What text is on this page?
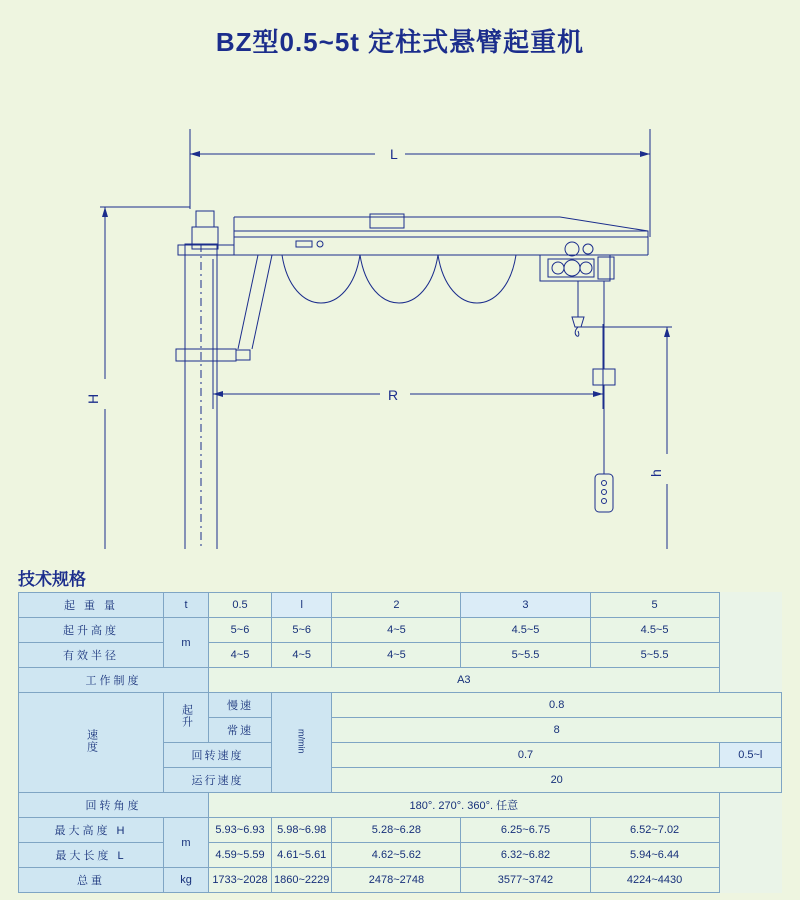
BZ型0.5~5t 定柱式悬臂起重机
L
R
H
h
技术规格
起 重 量	t	0.5	l	2	3	5	
起升高度	m	5~6	5~6	4~5	4.5~5	4.5~5	
有效半径		4~5	4~5	4~5	5~5.5	5~5.5	
工作制度		A3					
速度	起升	慢速	m/min	0.8			
		常速		8			
	回转速度			0.7			0.5~l
	运行速度			20			
回转角度		180°. 270°. 360°. 任意					
最大高度 H	m	5.93~6.93	5.98~6.98	5.28~6.28	6.25~6.75	6.52~7.02	
最大长度 L		4.59~5.59	4.61~5.61	4.62~5.62	6.32~6.82	5.94~6.44	
总重	kg	1733~2028	1860~2229	2478~2748	3577~3742	4224~4430	
